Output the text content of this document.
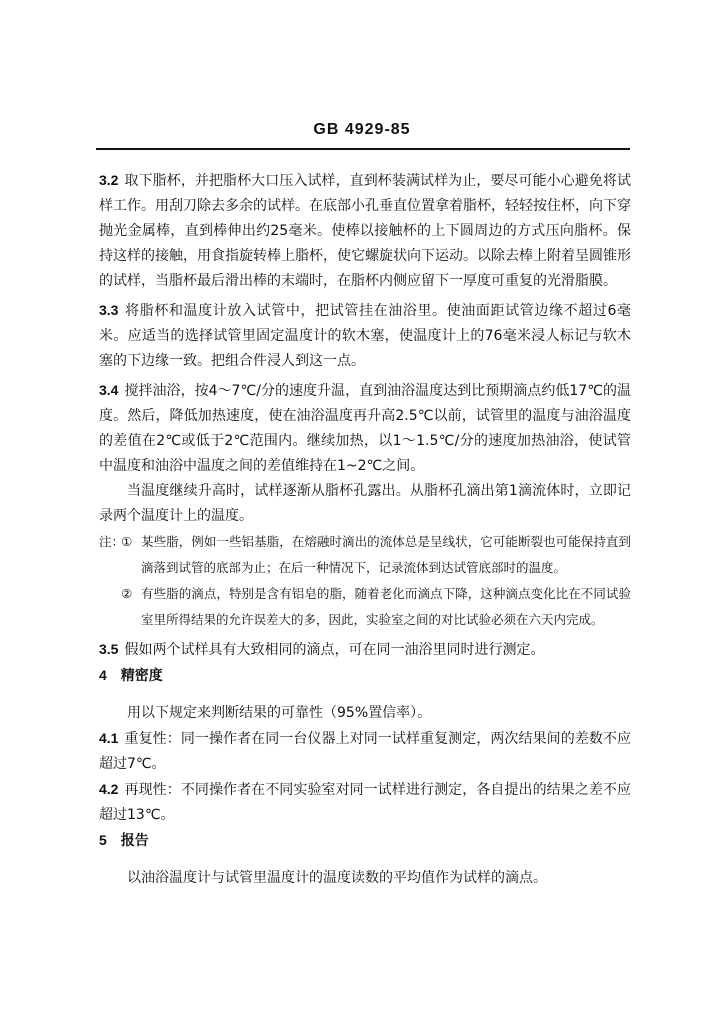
GB 4929-85

3.2 取下脂杯，并把脂杯大口压入试样，直到杯装满试样为止，要尽可能小心避免将试样工作。用刮刀除去多余的试样。在底部小孔垂直位置拿着脂杯，轻轻按住杯，向下穿抛光金属棒，直到棒伸出约25毫米。使棒以接触杯的上下圆周边的方式压向脂杯。保持这样的接触，用食指旋转棒上脂杯，使它螺旋状向下运动。以除去棒上附着呈圆锥形的试样，当脂杯最后滑出棒的末端时，在脂杯内侧应留下一厚度可重复的光滑脂膜。

3.3 将脂杯和温度计放入试管中，把试管挂在油浴里。使油面距试管边缘不超过6毫米。应适当的选择试管里固定温度计的软木塞，使温度计上的76毫米浸人标记与软木塞的下边缘一致。把组合件浸人到这一点。

3.4 搅拌油浴，按4～7℃/分的速度升温，直到油浴温度达到比预期滴点约低17℃的温度。然后，降低加热速度，使在油浴温度再升高2.5℃以前，试管里的温度与油浴温度的差值在2℃或低于2℃范围内。继续加热，以1～1.5℃/分的速度加热油浴，使试管中温度和油浴中温度之间的差值维持在1~2℃之间。

当温度继续升高时，试样逐渐从脂杯孔露出。从脂杯孔滴出第1滴流体时，立即记录两个温度计上的温度。

注：
① 某些脂，例如一些铝基脂，在熔融时滴出的流体总是呈线状，它可能断裂也可能保持直到滴落到试管的底部为止；在后一种情况下，记录流体到达试管底部时的温度。
② 有些脂的滴点，特别是含有铝皂的脂，随着老化而滴点下降，这种滴点变化比在不同试验室里所得结果的允许误差大的多，因此，实验室之间的对比试验必须在六天内完成。

3.5 假如两个试样具有大致相同的滴点，可在同一油浴里同时进行测定。

4 精密度

用以下规定来判断结果的可靠性（95%置信率）。

4.1 重复性：同一操作者在同一台仪器上对同一试样重复测定，两次结果间的差数不应超过7℃。

4.2 再现性：不同操作者在不同实验室对同一试样进行测定，各自提出的结果之差不应超过13℃。

5 报告

以油浴温度计与试管里温度计的温度读数的平均值作为试样的滴点。
